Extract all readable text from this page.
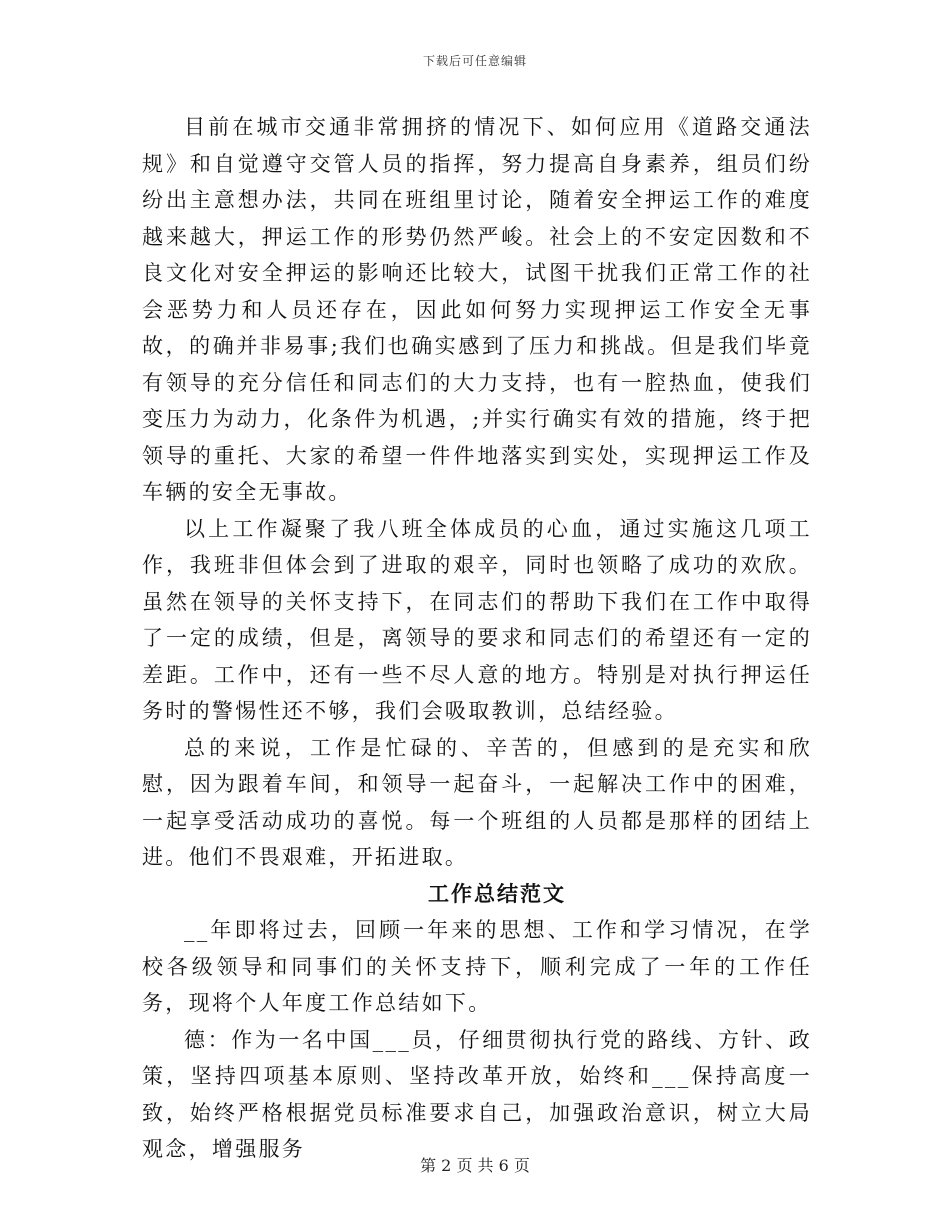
下载后可任意编辑

目前在城市交通非常拥挤的情况下、如何应用《道路交通法规》和自觉遵守交管人员的指挥，努力提高自身素养，组员们纷纷出主意想办法，共同在班组里讨论，随着安全押运工作的难度越来越大，押运工作的形势仍然严峻。社会上的不安定因数和不良文化对安全押运的影响还比较大，试图干扰我们正常工作的社会恶势力和人员还存在，因此如何努力实现押运工作安全无事故，的确并非易事;我们也确实感到了压力和挑战。但是我们毕竟有领导的充分信任和同志们的大力支持，也有一腔热血，使我们变压力为动力，化条件为机遇，;并实行确实有效的措施，终于把领导的重托、大家的希望一件件地落实到实处，实现押运工作及车辆的安全无事故。

以上工作凝聚了我八班全体成员的心血，通过实施这几项工作，我班非但体会到了进取的艰辛，同时也领略了成功的欢欣。虽然在领导的关怀支持下，在同志们的帮助下我们在工作中取得了一定的成绩，但是，离领导的要求和同志们的希望还有一定的差距。工作中，还有一些不尽人意的地方。特别是对执行押运任务时的警惕性还不够，我们会吸取教训，总结经验。

总的来说，工作是忙碌的、辛苦的，但感到的是充实和欣慰，因为跟着车间，和领导一起奋斗，一起解决工作中的困难，一起享受活动成功的喜悦。每一个班组的人员都是那样的团结上进。他们不畏艰难，开拓进取。

工作总结范文

__年即将过去，回顾一年来的思想、工作和学习情况，在学校各级领导和同事们的关怀支持下，顺利完成了一年的工作任务，现将个人年度工作总结如下。

德：作为一名中国___员，仔细贯彻执行党的路线、方针、政策，坚持四项基本原则、坚持改革开放，始终和___保持高度一致，始终严格根据党员标准要求自己，加强政治意识，树立大局观念，增强服务

第 2 页 共 6 页
